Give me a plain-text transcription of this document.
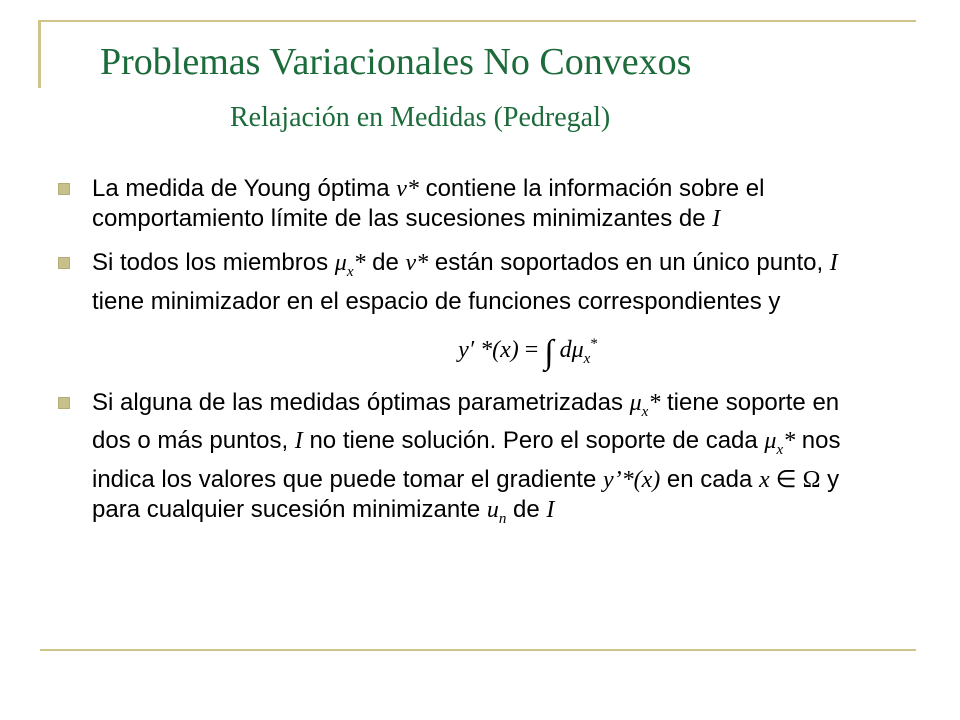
Problemas Variacionales No Convexos
Relajación en Medidas (Pedregal)
La medida de Young óptima ν* contiene la información sobre el comportamiento límite de las sucesiones minimizantes de I
Si todos los miembros $\mu_x*$ de ν* están soportados en un único punto, I tiene minimizador en el espacio de funciones correspondientes y
y′ *(x) = ∫ $d\mu_x^*$
Si alguna de las medidas óptimas parametrizadas $\mu_x*$ tiene soporte en dos o más puntos, I no tiene solución. Pero el soporte de cada $\mu_x*$ nos indica los valores que puede tomar el gradiente y’*(x) en cada x ∈ Ω y para cualquier sucesión minimizante $u_n$ de I
